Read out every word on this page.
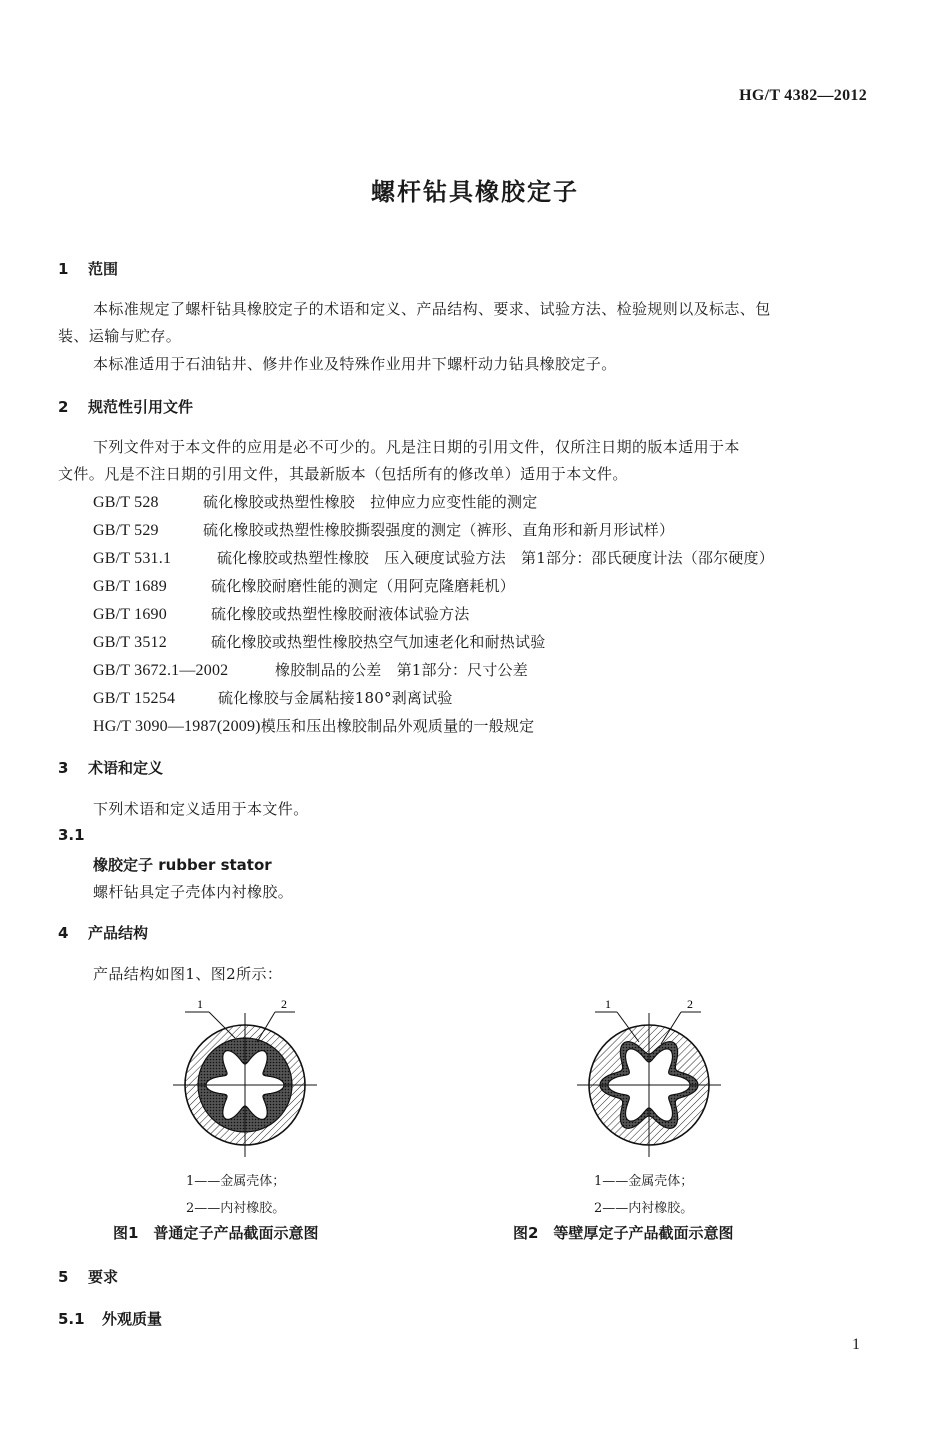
HG/T 4382—2012
螺杆钻具橡胶定子
1 范围
本标准规定了螺杆钻具橡胶定子的术语和定义、产品结构、要求、试验方法、检验规则以及标志、包
装、运输与贮存。
本标准适用于石油钻井、修井作业及特殊作业用井下螺杆动力钻具橡胶定子。
2 规范性引用文件
下列文件对于本文件的应用是必不可少的。凡是注日期的引用文件，仅所注日期的版本适用于本
文件。凡是不注日期的引用文件，其最新版本（包括所有的修改单）适用于本文件。
GB/T 528	硫化橡胶或热塑性橡胶　拉伸应力应变性能的测定
GB/T 529	硫化橡胶或热塑性橡胶撕裂强度的测定（裤形、直角形和新月形试样）
GB/T 531.1	硫化橡胶或热塑性橡胶　压入硬度试验方法　第1部分：邵氏硬度计法（邵尔硬度）
GB/T 1689	硫化橡胶耐磨性能的测定（用阿克隆磨耗机）
GB/T 1690	硫化橡胶或热塑性橡胶耐液体试验方法
GB/T 3512	硫化橡胶或热塑性橡胶热空气加速老化和耐热试验
GB/T 3672.1—2002	橡胶制品的公差　第1部分：尺寸公差
GB/T 15254	硫化橡胶与金属粘接180°剥离试验
HG/T 3090—1987(2009)模压和压出橡胶制品外观质量的一般规定
3 术语和定义
下列术语和定义适用于本文件。
3.1
橡胶定子 rubber stator
螺杆钻具定子壳体内衬橡胶。
4 产品结构
产品结构如图1、图2所示：
1	2
1——金属壳体；
2——内衬橡胶。
图1　普通定子产品截面示意图
1	2
1——金属壳体；
2——内衬橡胶。
图2　等壁厚定子产品截面示意图
5 要求
5.1 外观质量
1
